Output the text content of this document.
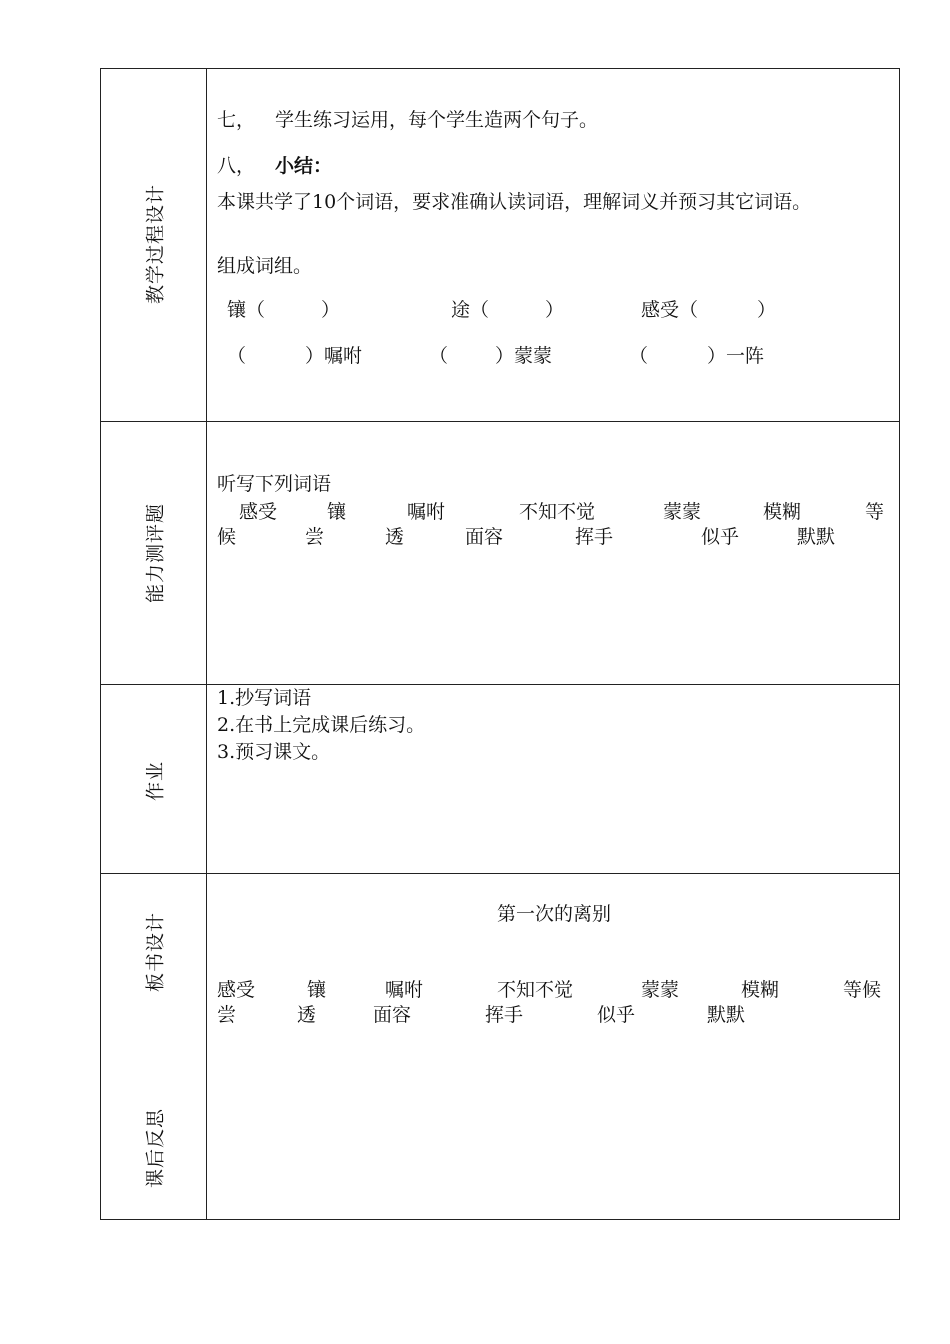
教学过程设计
七， 学生练习运用，每个学生造两个句子。
八， 小结：
本课共学了10个词语，要求准确认读词语，理解词义并预习其它词语。
组成词组。
镶（	）	途（	）	感受（	）
（	）嘱咐	（ ）蒙蒙	（	）一阵
能力测评题
听写下列词语
感受	镶	嘱咐	不知不觉	蒙蒙	模糊	等
候	尝	透	面容	挥手	似乎	默默
作业
1.抄写词语
2.在书上完成课后练习。
3.预习课文。
板书设计
课后反思
第一次的离别
感受	镶	嘱咐	不知不觉	蒙蒙	模糊	等候
尝	透	面容	挥手	似乎	默默
